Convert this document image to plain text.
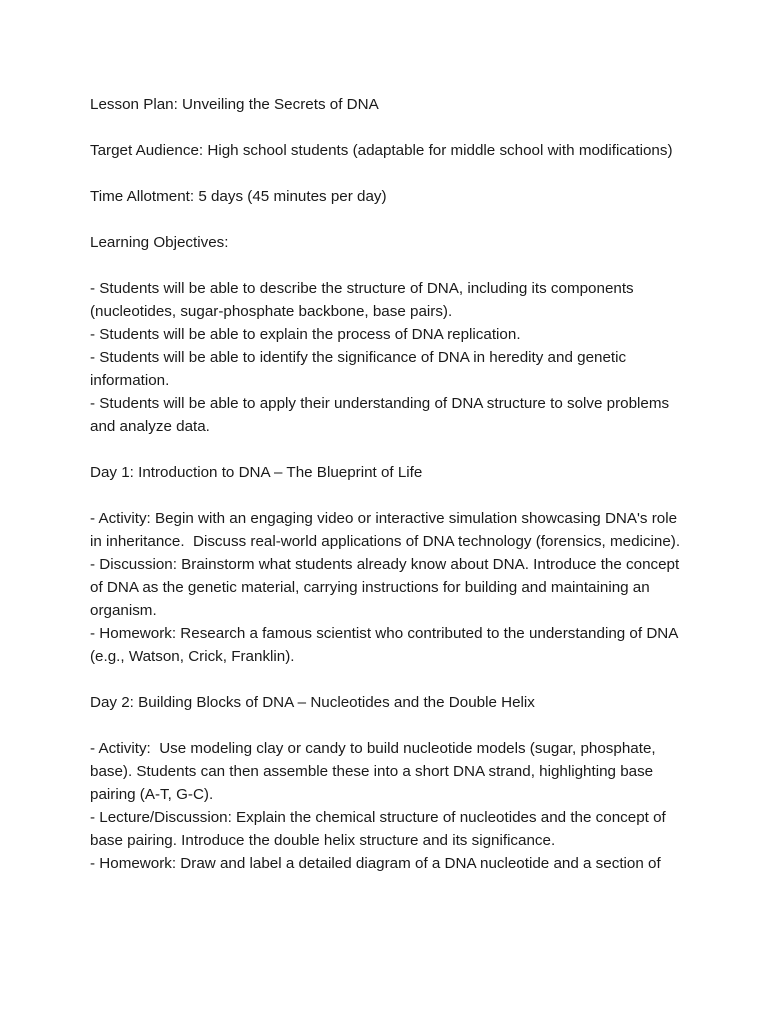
Lesson Plan: Unveiling the Secrets of DNA

Target Audience: High school students (adaptable for middle school with modifications)

Time Allotment: 5 days (45 minutes per day)

Learning Objectives:

- Students will be able to describe the structure of DNA, including its components (nucleotides, sugar-phosphate backbone, base pairs).

- Students will be able to explain the process of DNA replication.

- Students will be able to identify the significance of DNA in heredity and genetic information.

- Students will be able to apply their understanding of DNA structure to solve problems and analyze data.

Day 1: Introduction to DNA – The Blueprint of Life

- Activity: Begin with an engaging video or interactive simulation showcasing DNA's role in inheritance.  Discuss real-world applications of DNA technology (forensics, medicine).

- Discussion: Brainstorm what students already know about DNA. Introduce the concept of DNA as the genetic material, carrying instructions for building and maintaining an organism.

- Homework: Research a famous scientist who contributed to the understanding of DNA (e.g., Watson, Crick, Franklin).

Day 2: Building Blocks of DNA – Nucleotides and the Double Helix

- Activity:  Use modeling clay or candy to build nucleotide models (sugar, phosphate, base). Students can then assemble these into a short DNA strand, highlighting base pairing (A-T, G-C).

- Lecture/Discussion: Explain the chemical structure of nucleotides and the concept of base pairing. Introduce the double helix structure and its significance.

- Homework: Draw and label a detailed diagram of a DNA nucleotide and a section of
